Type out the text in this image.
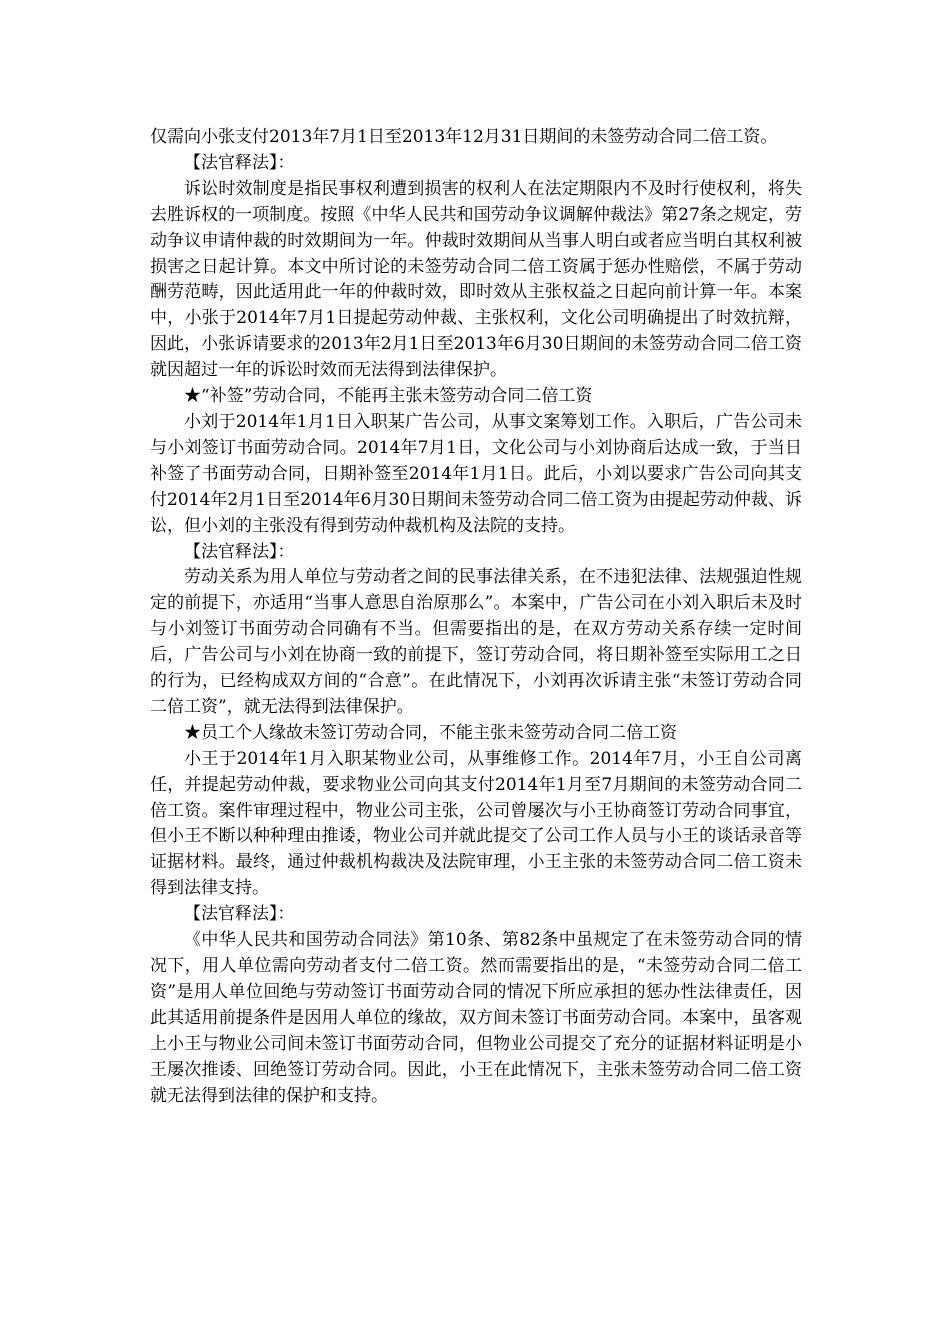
仅需向小张支付2013年7月1日至2013年12月31日期间的未签劳动合同二倍工资。

【法官释法】：

诉讼时效制度是指民事权利遭到损害的权利人在法定期限内不及时行使权利，将失去胜诉权的一项制度。按照《中华人民共和国劳动争议调解仲裁法》第27条之规定，劳动争议申请仲裁的时效期间为一年。仲裁时效期间从当事人明白或者应当明白其权利被损害之日起计算。本文中所讨论的未签劳动合同二倍工资属于惩办性赔偿，不属于劳动酬劳范畴，因此适用此一年的仲裁时效，即时效从主张权益之日起向前计算一年。本案中，小张于2014年7月1日提起劳动仲裁、主张权利，文化公司明确提出了时效抗辩，因此，小张诉请要求的2013年2月1日至2013年6月30日期间的未签劳动合同二倍工资就因超过一年的诉讼时效而无法得到法律保护。

★“补签”劳动合同，不能再主张未签劳动合同二倍工资

小刘于2014年1月1日入职某广告公司，从事文案筹划工作。入职后，广告公司未与小刘签订书面劳动合同。2014年7月1日，文化公司与小刘协商后达成一致，于当日补签了书面劳动合同，日期补签至2014年1月1日。此后，小刘以要求广告公司向其支付2014年2月1日至2014年6月30日期间未签劳动合同二倍工资为由提起劳动仲裁、诉讼，但小刘的主张没有得到劳动仲裁机构及法院的支持。

【法官释法】：

劳动关系为用人单位与劳动者之间的民事法律关系，在不违犯法律、法规强迫性规定的前提下，亦适用“当事人意思自治原那么”。本案中，广告公司在小刘入职后未及时与小刘签订书面劳动合同确有不当。但需要指出的是，在双方劳动关系存续一定时间后，广告公司与小刘在协商一致的前提下，签订劳动合同，将日期补签至实际用工之日的行为，已经构成双方间的“合意”。在此情况下，小刘再次诉请主张“未签订劳动合同二倍工资”，就无法得到法律保护。

★员工个人缘故未签订劳动合同，不能主张未签劳动合同二倍工资

小王于2014年1月入职某物业公司，从事维修工作。2014年7月，小王自公司离任，并提起劳动仲裁，要求物业公司向其支付2014年1月至7月期间的未签劳动合同二倍工资。案件审理过程中，物业公司主张，公司曾屡次与小王协商签订劳动合同事宜，但小王不断以种种理由推诿，物业公司并就此提交了公司工作人员与小王的谈话录音等证据材料。最终，通过仲裁机构裁决及法院审理，小王主张的未签劳动合同二倍工资未得到法律支持。

【法官释法】：

《中华人民共和国劳动合同法》第10条、第82条中虽规定了在未签劳动合同的情况下，用人单位需向劳动者支付二倍工资。然而需要指出的是，“未签劳动合同二倍工资”是用人单位回绝与劳动签订书面劳动合同的情况下所应承担的惩办性法律责任，因此其适用前提条件是因用人单位的缘故，双方间未签订书面劳动合同。本案中，虽客观上小王与物业公司间未签订书面劳动合同，但物业公司提交了充分的证据材料证明是小王屡次推诿、回绝签订劳动合同。因此，小王在此情况下，主张未签劳动合同二倍工资就无法得到法律的保护和支持。
